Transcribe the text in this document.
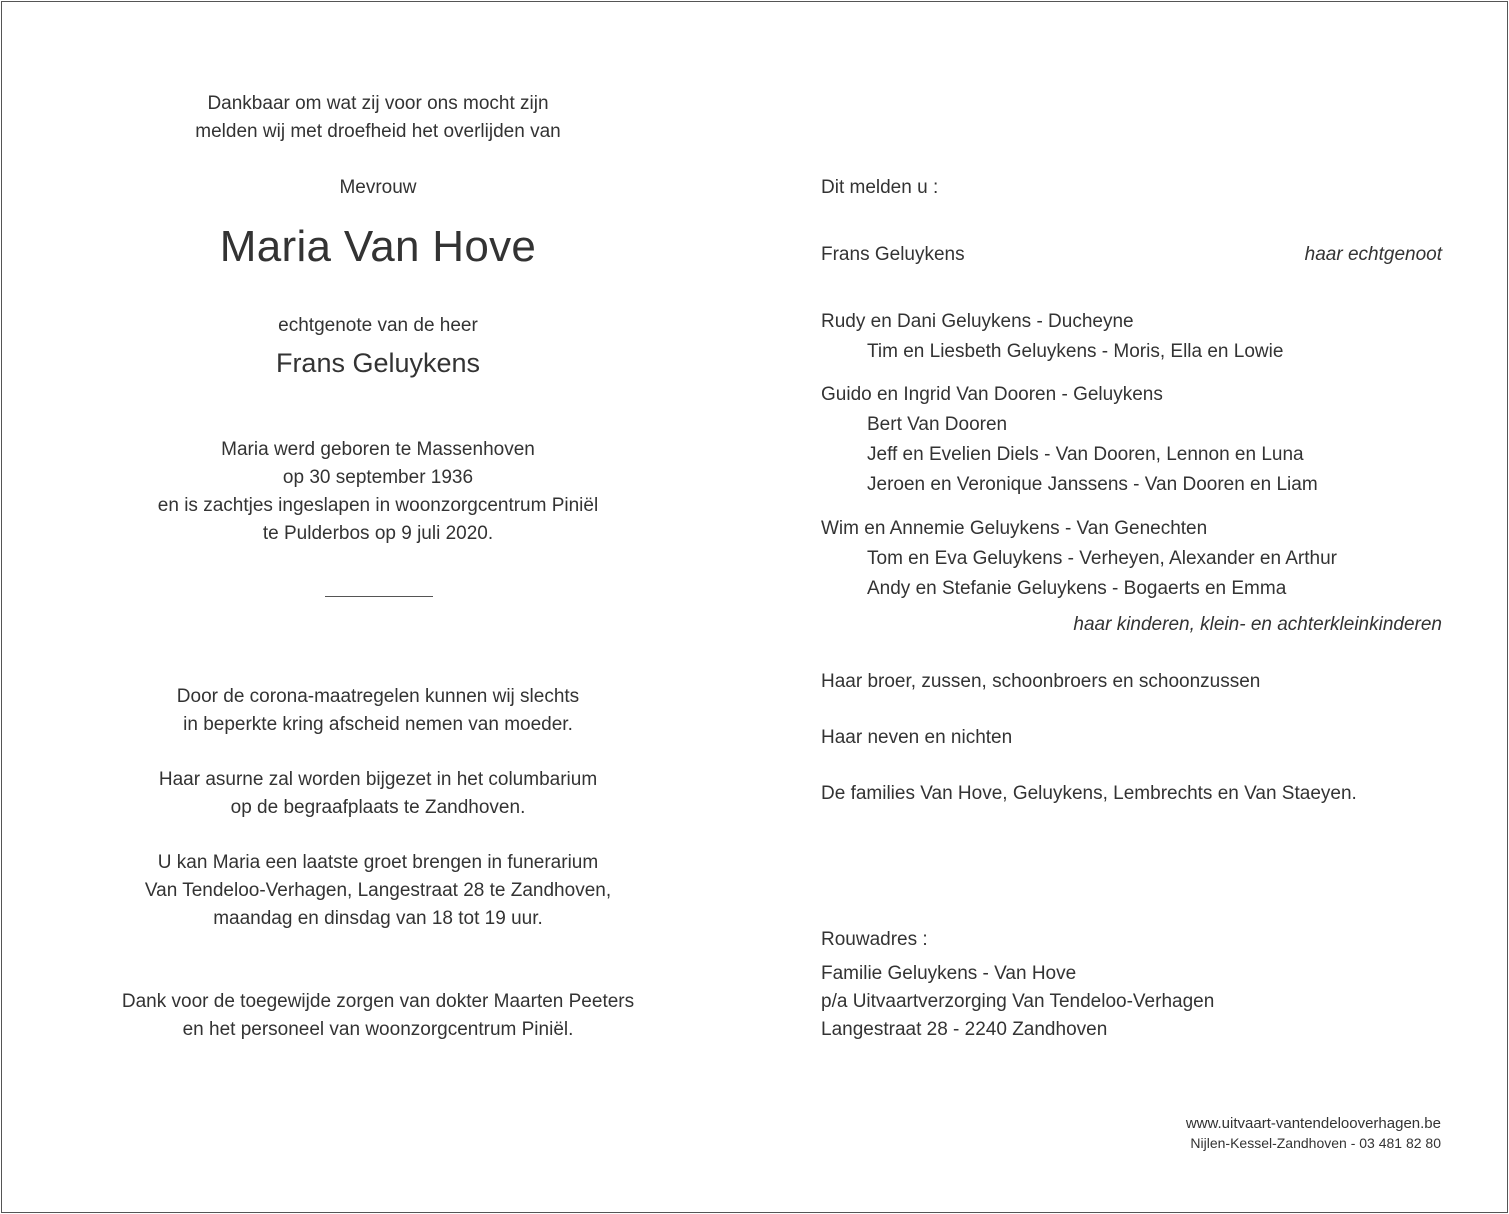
Dankbaar om wat zij voor ons mocht zijn
melden wij met droefheid het overlijden van
Mevrouw
Maria Van Hove
echtgenote van de heer
Frans Geluykens
Maria werd geboren te Massenhoven
op 30 september 1936
en is zachtjes ingeslapen in woonzorgcentrum Piniël
te Pulderbos op 9 juli 2020.
Door de corona-maatregelen kunnen wij slechts
in beperkte kring afscheid nemen van moeder.
Haar asurne zal worden bijgezet in het columbarium
op de begraafplaats te Zandhoven.
U kan Maria een laatste groet brengen in funerarium
Van Tendeloo-Verhagen, Langestraat 28 te Zandhoven,
maandag en dinsdag van 18 tot 19 uur.
Dank voor de toegewijde zorgen van dokter Maarten Peeters
en het personeel van woonzorgcentrum Piniël.
Dit melden u :
Frans Geluykens	haar echtgenoot
Rudy en Dani Geluykens - Ducheyne
Tim en Liesbeth Geluykens - Moris, Ella en Lowie
Guido en Ingrid Van Dooren - Geluykens
Bert Van Dooren
Jeff en Evelien Diels - Van Dooren, Lennon en Luna
Jeroen en Veronique Janssens - Van Dooren en Liam
Wim en Annemie Geluykens - Van Genechten
Tom en Eva Geluykens - Verheyen, Alexander en Arthur
Andy en Stefanie Geluykens - Bogaerts en Emma
haar kinderen, klein- en achterkleinkinderen
Haar broer, zussen, schoonbroers en schoonzussen
Haar neven en nichten
De families Van Hove, Geluykens, Lembrechts en Van Staeyen.
Rouwadres :
Familie Geluykens - Van Hove
p/a Uitvaartverzorging Van Tendeloo-Verhagen
Langestraat 28 - 2240 Zandhoven
www.uitvaart-vantendelooverhagen.be
Nijlen-Kessel-Zandhoven - 03 481 82 80
